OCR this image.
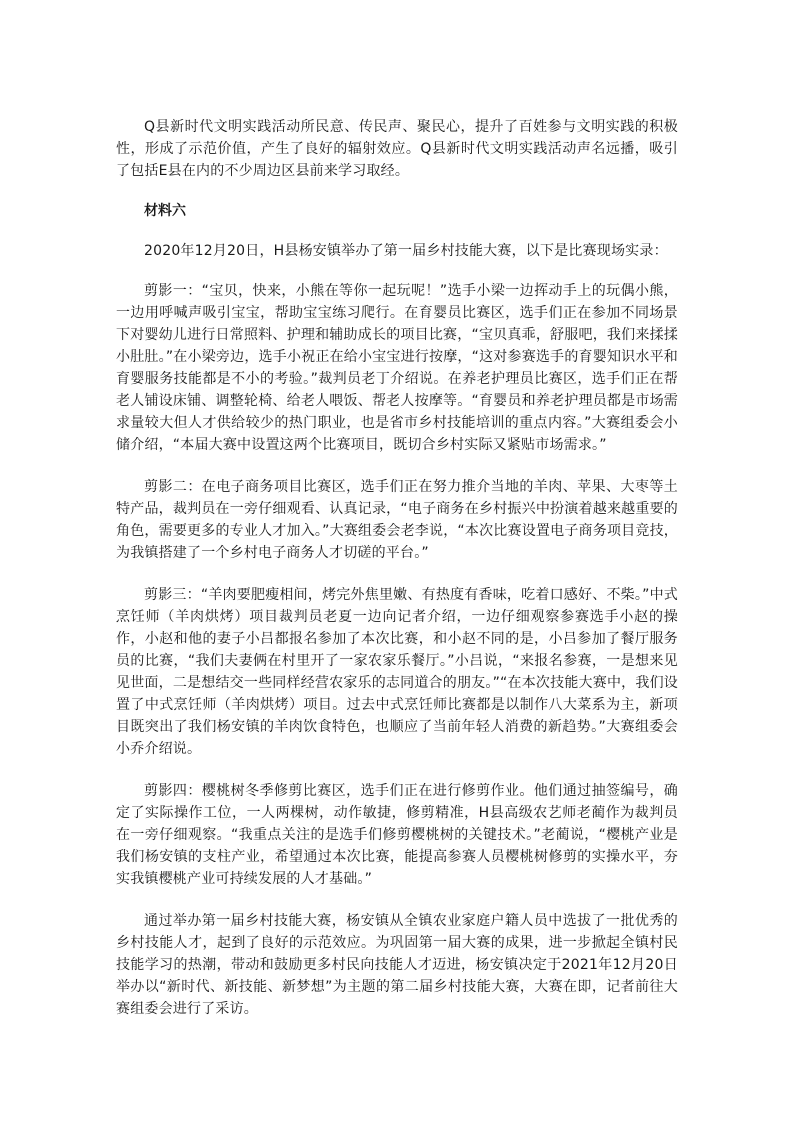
Q县新时代文明实践活动所民意、传民声、聚民心，提升了百姓参与文明实践的积极性，形成了示范价值，产生了良好的辐射效应。Q县新时代文明实践活动声名远播，吸引了包括E县在内的不少周边区县前来学习取经。

材料六

2020年12月20日，H县杨安镇举办了第一届乡村技能大赛，以下是比赛现场实录：

剪影一：“宝贝，快来，小熊在等你一起玩呢！”选手小梁一边挥动手上的玩偶小熊，一边用呼喊声吸引宝宝，帮助宝宝练习爬行。在育婴员比赛区，选手们正在参加不同场景下对婴幼儿进行日常照料、护理和辅助成长的项目比赛，“宝贝真乖，舒服吧，我们来揉揉小肚肚。”在小梁旁边，选手小祝正在给小宝宝进行按摩，“这对参赛选手的育婴知识水平和育婴服务技能都是不小的考验。”裁判员老丁介绍说。在养老护理员比赛区，选手们正在帮老人铺设床铺、调整轮椅、给老人喂饭、帮老人按摩等。“育婴员和养老护理员都是市场需求量较大但人才供给较少的热门职业，也是省市乡村技能培训的重点内容。”大赛组委会小储介绍，“本届大赛中设置这两个比赛项目，既切合乡村实际又紧贴市场需求。”

剪影二：在电子商务项目比赛区，选手们正在努力推介当地的羊肉、苹果、大枣等土特产品，裁判员在一旁仔细观看、认真记录，“电子商务在乡村振兴中扮演着越来越重要的角色，需要更多的专业人才加入。”大赛组委会老李说，“本次比赛设置电子商务项目竞技，为我镇搭建了一个乡村电子商务人才切磋的平台。”

剪影三：“羊肉要肥瘦相间，烤完外焦里嫩、有热度有香味，吃着口感好、不柴。”中式烹饪师（羊肉烘烤）项目裁判员老夏一边向记者介绍，一边仔细观察参赛选手小赵的操作，小赵和他的妻子小吕都报名参加了本次比赛，和小赵不同的是，小吕参加了餐厅服务员的比赛，“我们夫妻俩在村里开了一家农家乐餐厅。”小吕说，“来报名参赛，一是想来见见世面，二是想结交一些同样经营农家乐的志同道合的朋友。”“在本次技能大赛中，我们设置了中式烹饪师（羊肉烘烤）项目。过去中式烹饪师比赛都是以制作八大菜系为主，新项目既突出了我们杨安镇的羊肉饮食特色，也顺应了当前年轻人消费的新趋势。”大赛组委会小乔介绍说。

剪影四：樱桃树冬季修剪比赛区，选手们正在进行修剪作业。他们通过抽签编号，确定了实际操作工位，一人两棵树，动作敏捷，修剪精准，H县高级农艺师老蔺作为裁判员在一旁仔细观察。“我重点关注的是选手们修剪樱桃树的关键技术。”老蔺说，“樱桃产业是我们杨安镇的支柱产业，希望通过本次比赛，能提高参赛人员樱桃树修剪的实操水平，夯实我镇樱桃产业可持续发展的人才基础。”

通过举办第一届乡村技能大赛，杨安镇从全镇农业家庭户籍人员中选拔了一批优秀的乡村技能人才，起到了良好的示范效应。为巩固第一届大赛的成果，进一步掀起全镇村民技能学习的热潮，带动和鼓励更多村民向技能人才迈进，杨安镇决定于2021年12月20日举办以“新时代、新技能、新梦想”为主题的第二届乡村技能大赛，大赛在即，记者前往大赛组委会进行了采访。
